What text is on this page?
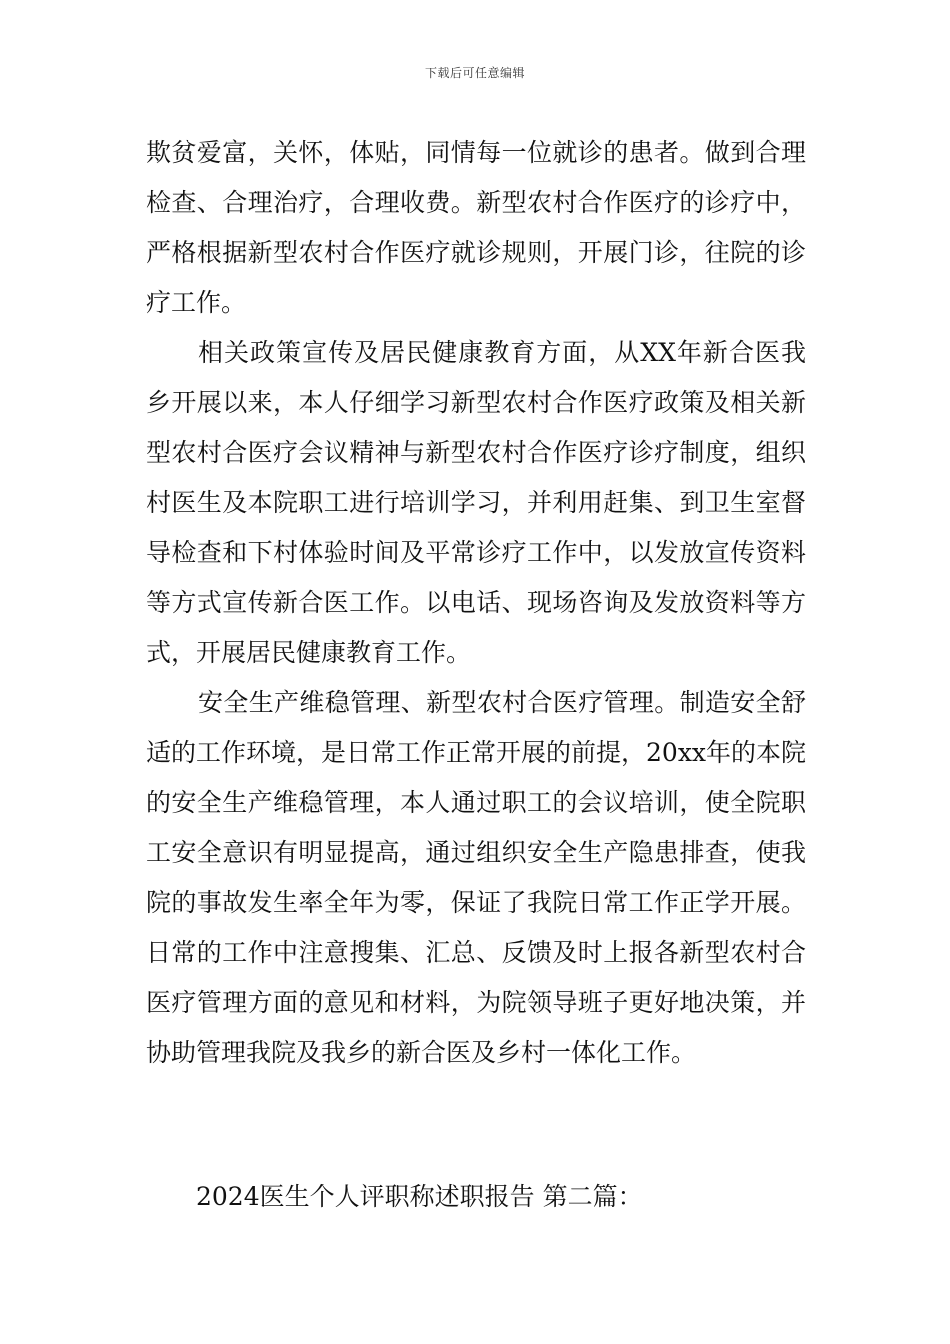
下载后可任意编辑

欺贫爱富，关怀，体贴，同情每一位就诊的患者。做到合理检查、合理治疗，合理收费。新型农村合作医疗的诊疗中，严格根据新型农村合作医疗就诊规则，开展门诊，往院的诊疗工作。

相关政策宣传及居民健康教育方面，从XX年新合医我乡开展以来，本人仔细学习新型农村合作医疗政策及相关新型农村合医疗会议精神与新型农村合作医疗诊疗制度，组织村医生及本院职工进行培训学习，并利用赶集、到卫生室督导检查和下村体验时间及平常诊疗工作中，以发放宣传资料等方式宣传新合医工作。以电话、现场咨询及发放资料等方式，开展居民健康教育工作。

安全生产维稳管理、新型农村合医疗管理。制造安全舒适的工作环境，是日常工作正常开展的前提，20xx年的本院的安全生产维稳管理，本人通过职工的会议培训，使全院职工安全意识有明显提高，通过组织安全生产隐患排查，使我院的事故发生率全年为零，保证了我院日常工作正学开展。日常的工作中注意搜集、汇总、反馈及时上报各新型农村合医疗管理方面的意见和材料，为院领导班子更好地决策，并协助管理我院及我乡的新合医及乡村一体化工作。

2024医生个人评职称述职报告 第二篇：
